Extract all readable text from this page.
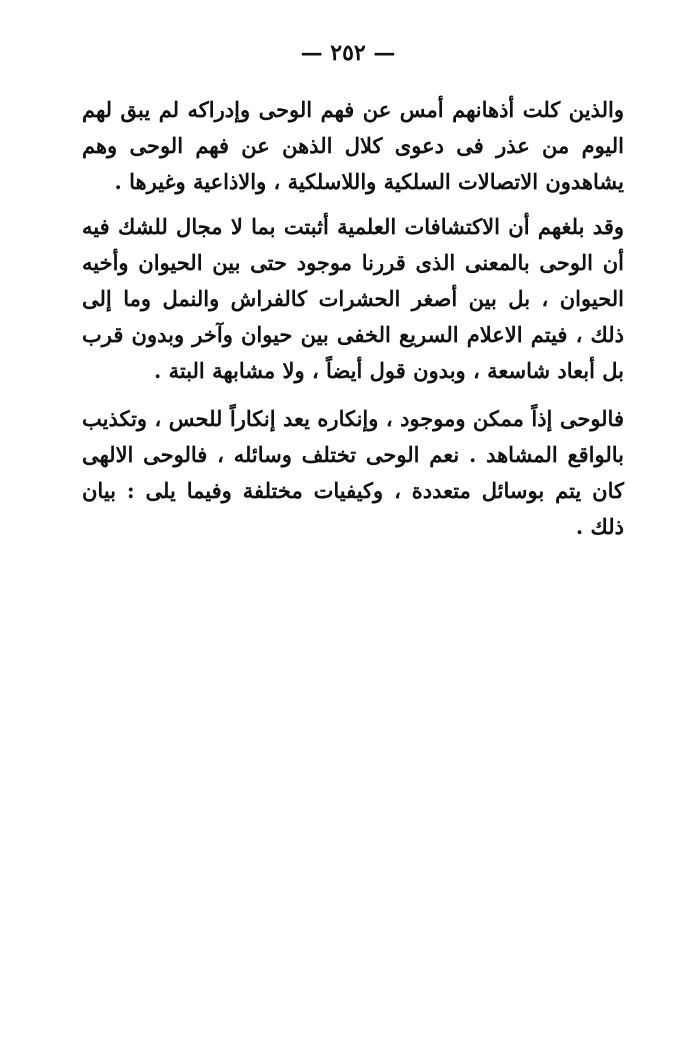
— ٢٥٢ —
والذين كلت أذهانهم أمس عن فهم الوحى وإدراكه لم يبق لهم اليوم من عذر فى دعوى كلال الذهن عن فهم الوحى وهم يشاهدون الاتصالات السلكية واللاسلكية ، والاذاعية وغيرها .
وقد بلغهم أن الاكتشافات العلمية أثبتت بما لا مجال للشك فيه أن الوحى بالمعنى الذى قررنا موجود حتى بين الحيوان وأخيه الحيوان ، بل بين أصغر الحشرات كالفراش والنمل وما إلى ذلك ، فيتم الاعلام السريع الخفى بين حيوان وآخر وبدون قرب بل أبعاد شاسعة ، وبدون قول أيضاً ، ولا مشابهة البتة .
فالوحى إذاً ممكن وموجود ، وإنكاره يعد إنكاراً للحس ، وتكذيب بالواقع المشاهد . نعم الوحى تختلف وسائله ، فالوحى الالهى كان يتم بوسائل متعددة ، وكيفيات مختلفة وفيما يلى : بيان ذلك .
